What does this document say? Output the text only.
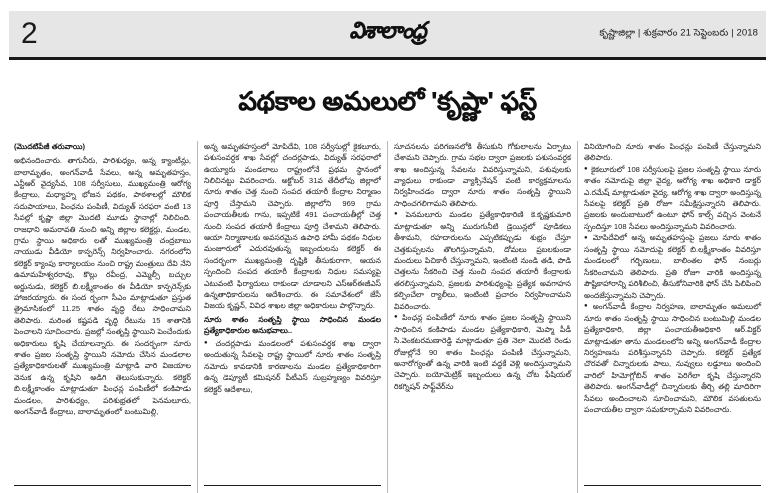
2	విశాలాంధ్ర	కృష్ణాజిల్లా | శుక్రవారం 21 సెప్టెంబరు | 2018
పథకాల అమలులో 'కృష్ణా' ఫస్ట్
(మొదటిపేజీ తరువాయి)

అభినందించారు. తాగునీరు, పారిశుధ్యం, అన్న క్యాంటీన్లు, బాలామృతం, అంగన్‌వాడీ సేవలు, అన్న అమృతహస్తం, ఎన్టీఆర్ వైద్యసేవ, 108 సర్వీసులు, ముఖ్యమంత్రి ఆరోగ్య కేంద్రాలు, మధ్యాహ్న భోజన పథకం, పాఠశాలల్లో మౌలిక సదుపాయాలు, పింఛను పంపిణీ, విద్యుత్ సరఫరా వంటి 13 సేవల్లో కృష్ణా జిల్లా మొదటి మూడు స్థానాల్లో నిలిచింది. రాజధాని అమరావతి నుంచి అన్ని జిల్లాల కలెక్టర్లు, మండల, గ్రామ స్థాయి అధికారు లతో ముఖ్యమంత్రి చంద్రబాబు నాయుడు వీడియో కాన్ఫరెన్స్ నిర్వహించారు. నగరంలోని కలెక్టర్ క్యాంపు కార్యాలయం నుంచి రాష్ట్ర మంత్రులు దేవి నేని ఉమామహేశ్వరరావు, కొల్లు రవీంద్ర, ఎమ్మెల్సీ బచ్చుల అర్జునుడు, కలెక్టర్ బి.లక్ష్మీకాంతం ఈ వీడియో కాన్ఫరెన్స్‌కు హాజరయ్యారు. ఈ సంద ర్భంగా సీఎం మాట్లాడుతూ ప్రస్తుత త్రైమాసికంలో 11.25 శాతం వృద్ధి రేటు సాధించామని తెలిపారు. మరింత కష్టపడి వృద్ధి రేటును 15 శాతానికి పెంచాలని సూచించారు. ప్రజల్లో సంతృప్తి స్థాయిని పెంచేందుకు అధికారులు కృషి చేయాలన్నారు. ఈ సందర్భంగా నూరు శాతం ప్రజల సంతృప్తి స్థాయిని నమోదు చేసిన మండలాల ప్రత్యేకాధికారులతో ముఖ్యమంత్రి మాట్లాడి వారి విజయాల వెనుక ఉన్న కృషిని అడిగి తెలుసుకున్నారు. కలెక్టర్ బి.లక్ష్మీకాంతం మాట్లాడుతూ పింఛన్ల పంపిణీలో కంకిపాడు మండలం, పారిశుధ్యం, పరిశుభ్రతలో పెనమలూరు, అంగన్‌వాడీ కేంద్రాలు, బాలామృతంలో బంటుమిల్లి,

అన్న అమృతహస్తంలో మోపిదేవి, 108 సర్వీసుల్లో కైకలూరు, పశుసంవర్ధక శాఖ సేవల్లో చందర్లపాడు, విద్యుత్ సరఫరాలో ఉయ్యూరు మండలాలు రాష్ట్రంలోనే ప్రథమ స్థానంలో నిలిచినట్టు వివరించారు. అక్టోబర్ 31వ తేదీలోపు జిల్లాలో నూరు శాతం చెత్త నుంచి సంపద తయారీ కేంద్రాల నిర్మాణం పూర్తి చేస్తామని చెప్పారు. జిల్లాలోని 969 గ్రామ పంచాయతీలకు గాను, ఇప్పటికే 491 పంచాయతీల్లో చెత్త నుంచి సంపద తయారీ కేంద్రాలు పూర్తి చేశామని తెలిపారు. ఆయా నిర్మాణాలకు అవసరమైన ఉపాధి హామీ పథకం నిధుల మంజూరులో ఎదురవుతున్న ఇబ్బందులను కలెక్టర్ ఈ సందర్భంగా ముఖ్యమంత్రి దృష్టికి తీసుకురాగా, ఆయన స్పందించి సంపద తయారీ కేంద్రాలకు నిధుల సమస్యపై ఎటువంటి ఫిర్యాదులు రాకుండా చూడాలని ఎస్‌ఆర్‌ఈజీఎస్ ఉన్నతాధికారులను ఆదేశించారు. ఈ సమావేశంలో జేసీ విజయ కృష్ణన్, వివిధ శాఖల జిల్లా అధికారులు పాల్గొన్నారు.

నూరు శాతం సంతృప్తి స్థాయి సాధించిన మండల ప్రత్యేకాధికారుల అనుభవాలు..

● చందర్లపాడు మండలంలో పశుసంవర్ధక శాఖ ద్వారా అందుతున్న సేవలపై రాష్ట్ర స్థాయిలో నూరు శాతం సంతృప్తి నమోదు కావడానికి కారణాలను మండల ప్రత్యేకాధికారిగా ఉన్న డెప్యూటీ కమిషనర్ పీటీఎస్ సుబ్రహ్మణ్యం వివరిస్తూ కలెక్టర్ ఆదేశాలు,

సూచనలను పరిగణనలోకి తీసుకుని గోకులాలను ఏర్పాటు చేశామని చెప్పారు. గ్రామ సభల ద్వారా ప్రజలకు పశుసంవర్ధక శాఖ అందిస్తున్న సేవలను వివరిస్తున్నామని, పశువులకు వ్యాధులు రాకుండా వ్యాక్సినేషన్ వంటి కార్యక్రమాలను నిర్వహించడం ద్వారా నూరు శాతం సంతృప్తి స్థాయిని సాధించగలిగామని తెలిపారు.

● పెనమలూరు మండల ప్రత్యేకాధికారిణి కె.కృష్ణకుమారి మాట్లాడుతూ అన్ని మురుగునీటి డ్రెయిన్లలో పూడికలు తీశామని, రహదారులను ఎప్పటికప్పుడు శుభ్రం చేస్తూ చెత్తకుప్పలను తొలగిస్తున్నామని, దోమలు ప్రబలకుండా మందులు పిచికారీ చేస్తున్నామని, ఇంటింటి నుండి తడి, పొడి చెత్తలను సేకరించి చెత్త నుంచి సంపద తయారీ కేంద్రాలకు తరలిస్తున్నామని, ప్రజలకు పారిశుధ్యంపై ప్రత్యేక అవగాహన కల్పించేలా ర్యాలీలు, ఇంటింటి ప్రచారం నిర్వహించామని వివరించారు.

● పింఛన్ల పంపిణీలో నూరు శాతం ప్రజల సంతృప్తి స్థాయిని సాధించిన కంకిపాడు మండల ప్రత్యేకాధికారి, మెప్మా పీడీ సి.వెంకటరమణారెడ్డి మాట్లాడుతూ ప్రతి నెలా మొదటి రెండు రోజుల్లోనే 90 శాతం పింఛన్లు పంపిణీ చేస్తున్నామని, అనారోగ్యంతో ఉన్న వారికి ఇంటి వద్దకే వెళ్లి అందిస్తున్నామని చెప్పారు. బయోమెట్రిక్ ఇబ్బందులు ఉన్న చోట ఫేషియల్ రికగ్నిషన్ సాఫ్ట్‌వేర్‌ను

వినియోగించి నూరు శాతం పింఛన్లు పంపిణీ చేస్తున్నామని తెలిపారు.

● కైకలూరులో 108 సర్వీసులపై ప్రజల సంతృప్తి స్థాయి నూరు శాతం నమోదుపై జిల్లా వైద్య, ఆరోగ్య శాఖ అధికారి డాక్టర్ ఎ.రమేష్ మాట్లాడుతూ వైద్య, ఆరోగ్య శాఖ ద్వారా అందిస్తున్న సేవలపై కలెక్టర్ ప్రతి రోజూ సమీక్షిస్తున్నారని తెలిపారు. ప్రజలకు అందుబాటులో ఉంటూ ఫోన్ కాల్స్ వచ్చిన వెంటనే స్పందిస్తూ 108 సేవలు అందిస్తున్నామని వివరించారు.

● మోపిదేవిలో అన్న అమృతహస్తంపై ప్రజలు నూరు శాతం సంతృప్తి స్థాయి నమోదుపై కలెక్టర్ బి.లక్ష్మీకాంతం వివరిస్తూ మండలంలో గర్భిణులు, బాలింతల ఫోన్ నంబర్లు సేకరించామని తెలిపారు. ప్రతి రోజూ వారికి అందిస్తున్న పౌష్టికాహారాన్ని పరిశీలించి, తీసుకోనివారికి ఫోన్ చేసి పిలిపించి అందజేస్తున్నామని చెప్పారు.

● అంగన్‌వాడీ కేంద్రాల నిర్వహణ, బాలామృతం అమలులో నూరు శాతం సంతృప్తి స్థాయి సాధించిన బంటుమిల్లి మండల ప్రత్యేకాధికారి, జిల్లా పంచాయతీఅధికారి ఆర్.విక్టర్ మాట్లాడుతూ తాను మండలంలోని అన్ని అంగన్‌వాడీ కేంద్రాల నిర్వహణను పరిశీస్తున్నానని చెప్పారు. కలెక్టర్ ప్రత్యేక చొరవతో చిన్నారులకు పాలు, నువ్వులు లడ్డూలు అందించి వారిలో హిమోగ్లోబిన్ శాతం పెరిగేలా కృషి చేస్తున్నారని తెలిపారు. అంగన్‌వాడీల్లో చిన్నారులకు తీర్చి తల్లి మాదిరిగా సేవలు అందించాలని సూచించామని, మౌలిక వసతులను పంచాయతీల ద్వారా సమకూర్చామని వివరించారు.
